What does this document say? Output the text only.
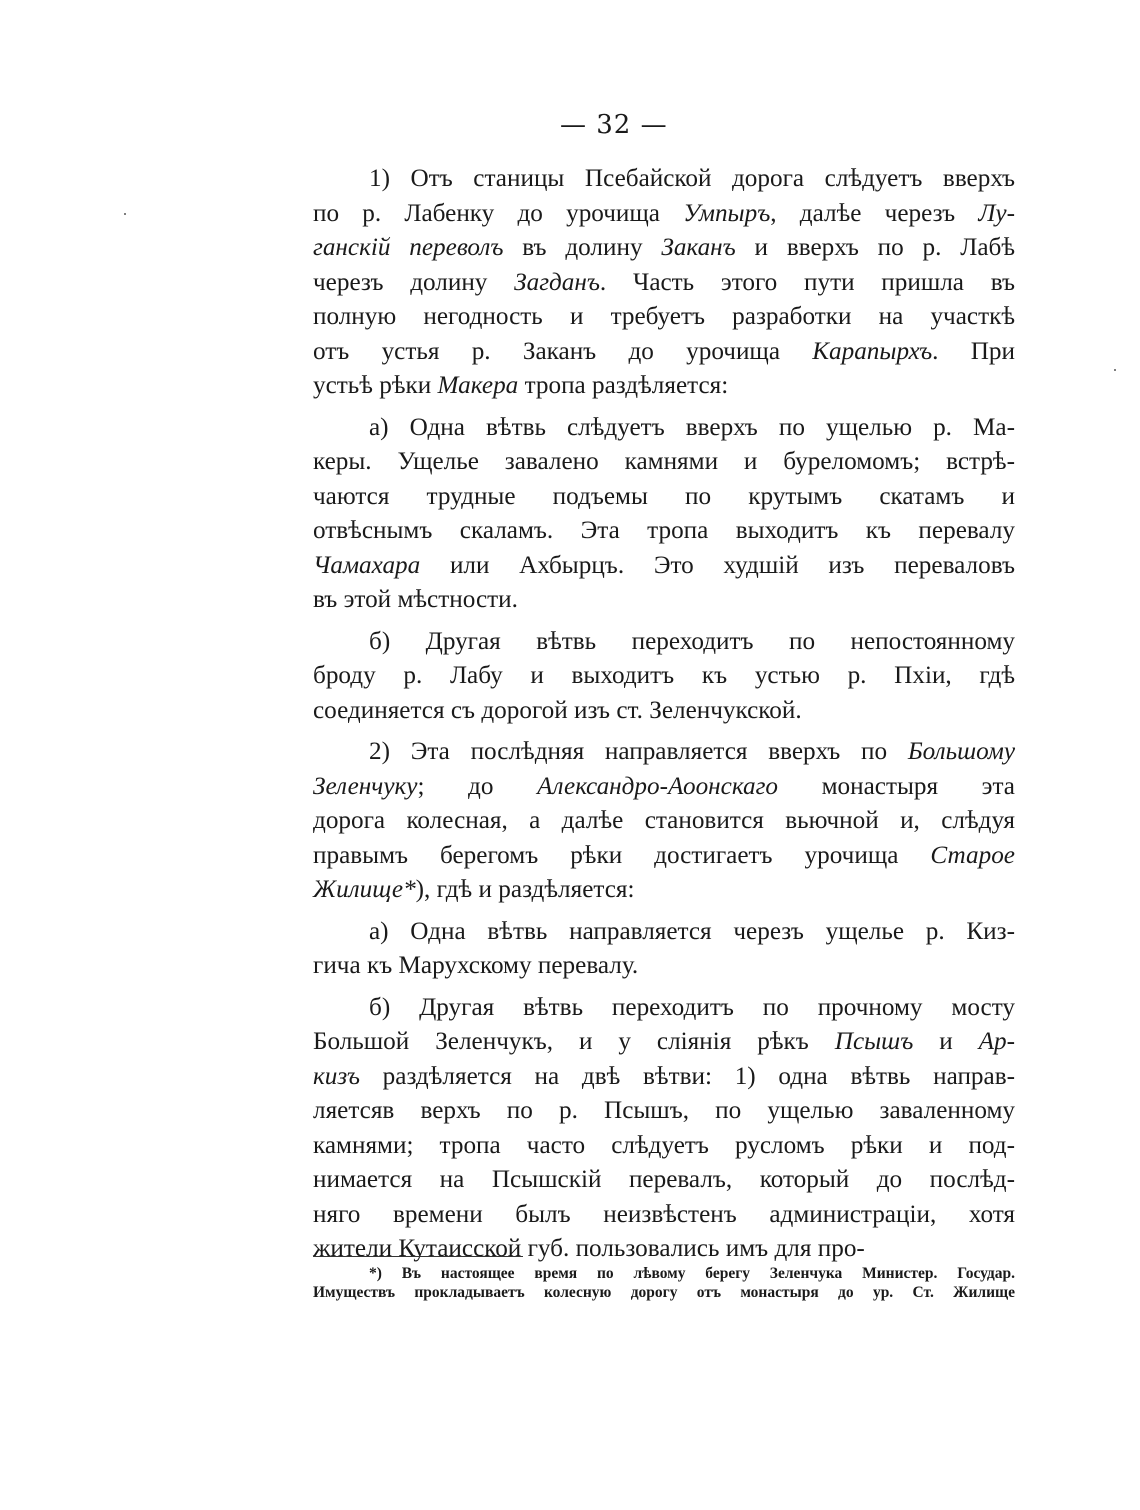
— 32 —
1) Отъ станицы Псебайской дорога слѣдуетъ вверхъ
по р. Лабенку до урочища Умпыръ, далѣе черезъ Лу-
ганскій переволъ въ долину Заканъ и вверхъ по р. Лабѣ
черезъ долину Загданъ. Часть этого пути пришла въ
полную негодность и требуетъ разработки на участкѣ
отъ устья р. Заканъ до урочища Карапырхъ. При
устьѣ рѣки Макера тропа раздѣляется:
а) Одна вѣтвь слѣдуетъ вверхъ по ущелью р. Ма-
керы. Ущелье завалено камнями и буреломомъ; встрѣ-
чаются трудные подъемы по крутымъ скатамъ и
отвѣснымъ скаламъ. Эта тропа выходитъ къ перевалу
Чамахара или Ахбырцъ. Это худшій изъ переваловъ
въ этой мѣстности.
б) Другая вѣтвь переходитъ по непостоянному
броду р. Лабу и выходитъ къ устью р. Пхіи, гдѣ
соединяется съ дорогой изъ ст. Зеленчукской.
2) Эта послѣдняя направляется вверхъ по Большому
Зеленчуку; до Александро-Аоонскаго монастыря эта
дорога колесная, а далѣе становится вьючной и, слѣдуя
правымъ берегомъ рѣки достигаетъ урочища Старое
Жилище*), гдѣ и раздѣляется:
а) Одна вѣтвь направляется черезъ ущелье р. Киз-
гича къ Марухскому перевалу.
б) Другая вѣтвь переходитъ по прочному мосту
Большой Зеленчукъ, и у сліянія рѣкъ Псышъ и Ар-
кизъ раздѣляется на двѣ вѣтви: 1) одна вѣтвь направ-
ляетсяв верхъ по р. Псышъ, по ущелью заваленному
камнями; тропа часто слѣдуетъ русломъ рѣки и под-
нимается на Псышскій перевалъ, который до послѣд-
няго времени былъ неизвѣстенъ администраціи, хотя
жители Кутаисской губ. пользовались имъ для про-
*) Въ настоящее время по лѣвому берегу Зеленчука Министер. Государ.
Имуществъ прокладываетъ колесную дорогу отъ монастыря до ур. Ст. Жилище
